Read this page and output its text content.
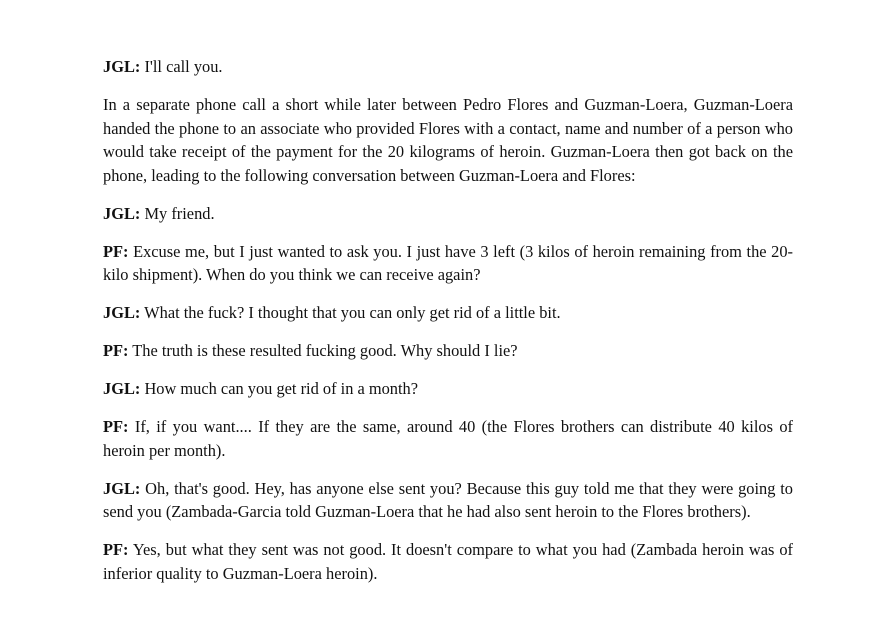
JGL: I'll call you.

In a separate phone call a short while later between Pedro Flores and Guzman-Loera, Guzman-Loera handed the phone to an associate who provided Flores with a contact, name and number of a person who would take receipt of the payment for the 20 kilograms of heroin. Guzman-Loera then got back on the phone, leading to the following conversation between Guzman-Loera and Flores:

JGL: My friend.

PF: Excuse me, but I just wanted to ask you. I just have 3 left (3 kilos of heroin remaining from the 20-kilo shipment). When do you think we can receive again?

JGL: What the fuck? I thought that you can only get rid of a little bit.

PF: The truth is these resulted fucking good. Why should I lie?

JGL: How much can you get rid of in a month?

PF: If, if you want.... If they are the same, around 40 (the Flores brothers can distribute 40 kilos of heroin per month).

JGL: Oh, that's good. Hey, has anyone else sent you? Because this guy told me that they were going to send you (Zambada-Garcia told Guzman-Loera that he had also sent heroin to the Flores brothers).

PF: Yes, but what they sent was not good. It doesn't compare to what you had (Zambada heroin was of inferior quality to Guzman-Loera heroin).
